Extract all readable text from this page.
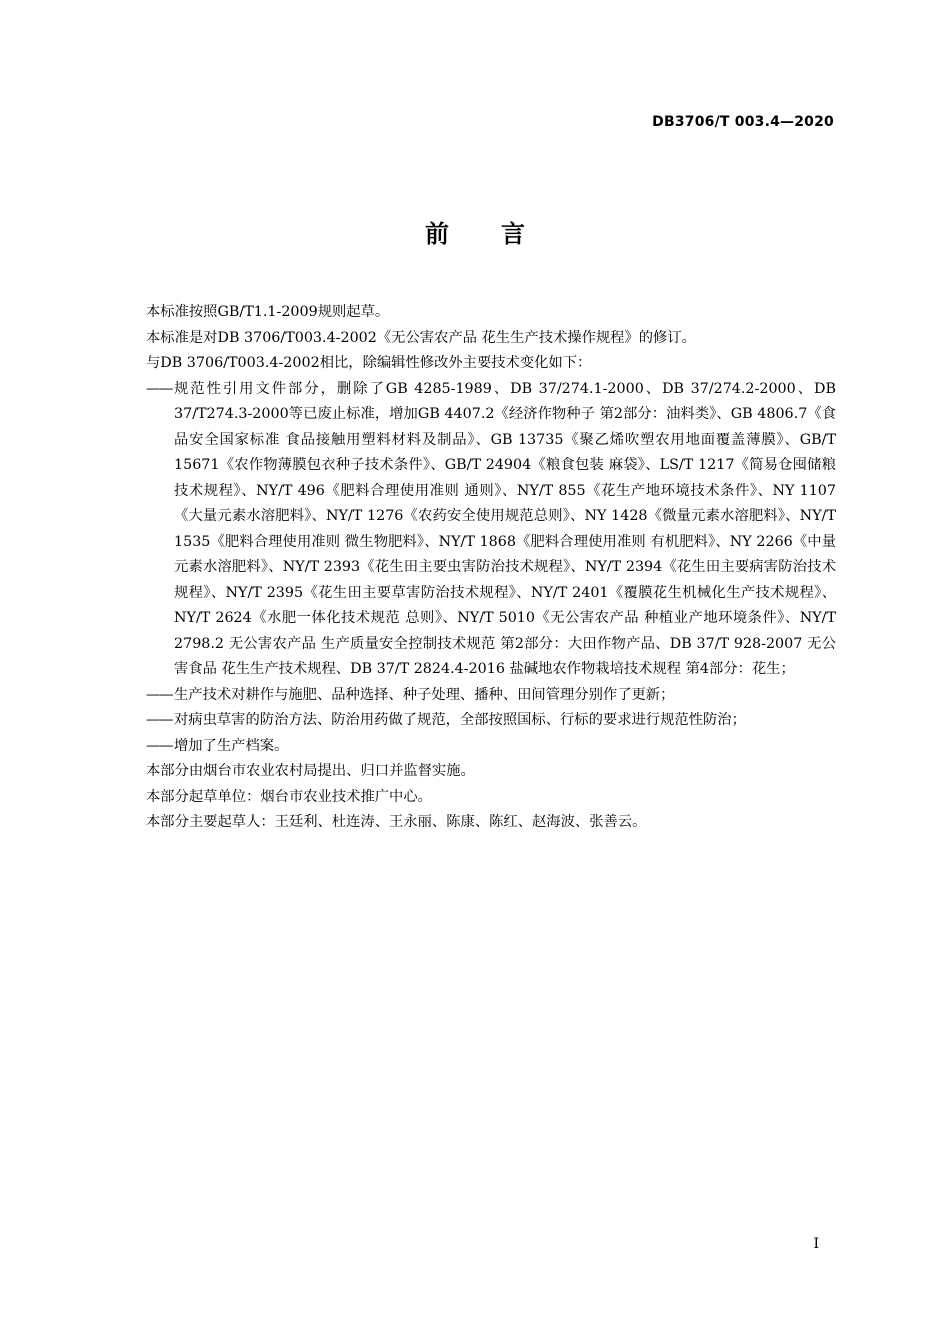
DB3706/T 003.4—2020
前 言

本标准按照GB/T1.1-2009规则起草。

本标准是对DB 3706/T003.4-2002《无公害农产品 花生生产技术操作规程》的修订。

与DB 3706/T003.4-2002相比，除编辑性修改外主要技术变化如下：

—— 规范性引用文件部分，删除了GB 4285-1989、DB 37/274.1-2000、DB 37/274.2-2000、DB 37/T274.3-2000等已废止标准，增加GB 4407.2《经济作物种子 第2部分：油料类》、GB 4806.7《食品安全国家标准 食品接触用塑料材料及制品》、GB 13735《聚乙烯吹塑农用地面覆盖薄膜》、GB/T 15671《农作物薄膜包衣种子技术条件》、GB/T 24904《粮食包装 麻袋》、LS/T 1217《简易仓囤储粮技术规程》、NY/T 496《肥料合理使用准则 通则》、NY/T 855《花生产地环境技术条件》、NY 1107《大量元素水溶肥料》、NY/T 1276《农药安全使用规范总则》、NY 1428《微量元素水溶肥料》、NY/T 1535《肥料合理使用准则 微生物肥料》、NY/T 1868《肥料合理使用准则 有机肥料》、NY 2266《中量元素水溶肥料》、NY/T 2393《花生田主要虫害防治技术规程》、NY/T 2394《花生田主要病害防治技术规程》、NY/T 2395《花生田主要草害防治技术规程》、NY/T 2401《覆膜花生机械化生产技术规程》、NY/T 2624《水肥一体化技术规范 总则》、NY/T 5010《无公害农产品 种植业产地环境条件》、NY/T 2798.2 无公害农产品 生产质量安全控制技术规范 第2部分：大田作物产品、DB 37/T 928-2007 无公害食品 花生生产技术规程、DB 37/T 2824.4-2016 盐碱地农作物栽培技术规程 第4部分：花生；
—— 生产技术对耕作与施肥、品种选择、种子处理、播种、田间管理分别作了更新；
—— 对病虫草害的防治方法、防治用药做了规范，全部按照国标、行标的要求进行规范性防治；
—— 增加了生产档案。

本部分由烟台市农业农村局提出、归口并监督实施。

本部分起草单位：烟台市农业技术推广中心。

本部分主要起草人：王廷利、杜连涛、王永丽、陈康、陈红、赵海波、张善云。

I
